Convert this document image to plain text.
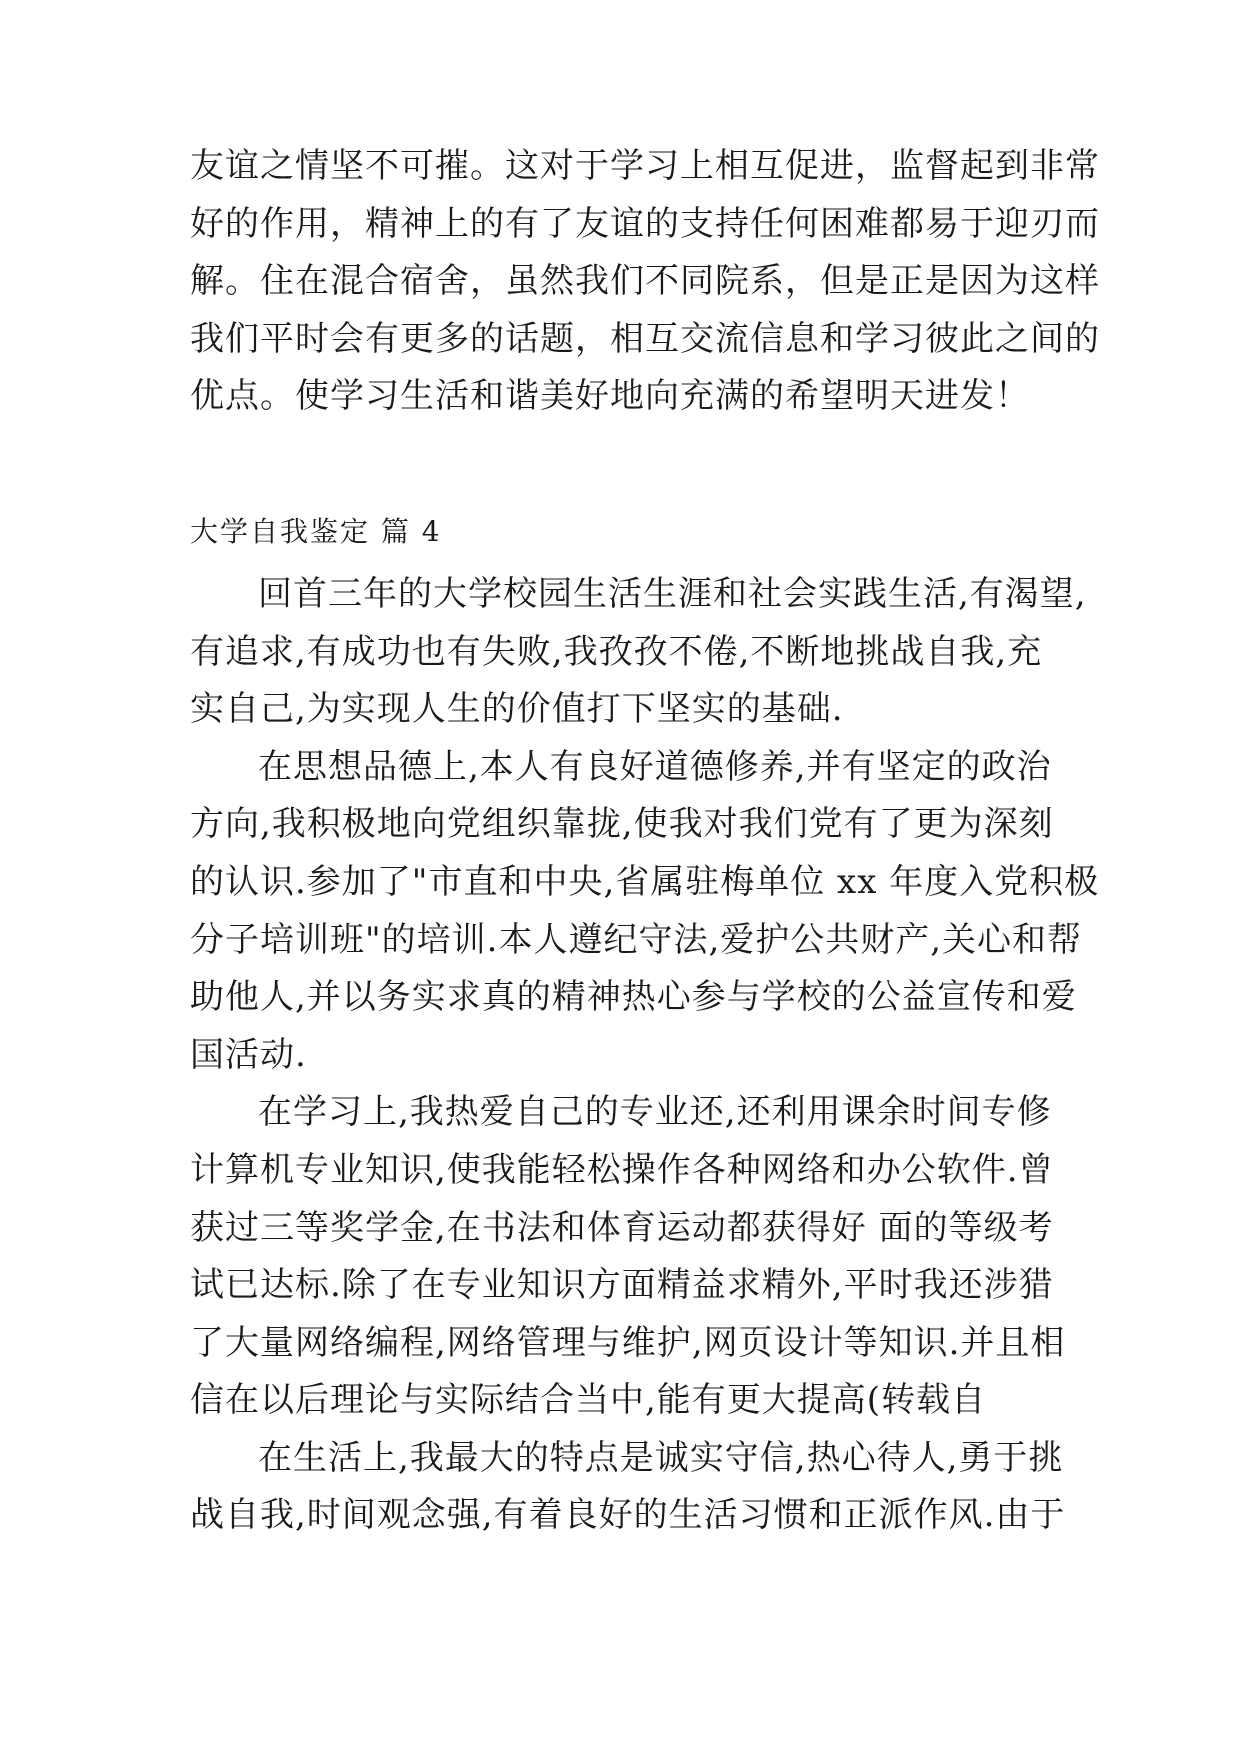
友谊之情坚不可摧。这对于学习上相互促进，监督起到非常
好的作用，精神上的有了友谊的支持任何困难都易于迎刃而
解。住在混合宿舍，虽然我们不同院系，但是正是因为这样
我们平时会有更多的话题，相互交流信息和学习彼此之间的
优点。使学习生活和谐美好地向充满的希望明天进发！
大学自我鉴定 篇 4
回首三年的大学校园生活生涯和社会实践生活,有渴望,
有追求,有成功也有失败,我孜孜不倦,不断地挑战自我,充
实自己,为实现人生的价值打下坚实的基础.
在思想品德上,本人有良好道德修养,并有坚定的政治
方向,我积极地向党组织靠拢,使我对我们党有了更为深刻
的认识.参加了"市直和中央,省属驻梅单位 xx 年度入党积极
分子培训班"的培训.本人遵纪守法,爱护公共财产,关心和帮
助他人,并以务实求真的精神热心参与学校的公益宣传和爱
国活动.
在学习上,我热爱自己的专业还,还利用课余时间专修
计算机专业知识,使我能轻松操作各种网络和办公软件.曾
获过三等奖学金,在书法和体育运动都获得好 面的等级考
试已达标.除了在专业知识方面精益求精外,平时我还涉猎
了大量网络编程,网络管理与维护,网页设计等知识.并且相
信在以后理论与实际结合当中,能有更大提高(转载自
在生活上,我最大的特点是诚实守信,热心待人,勇于挑
战自我,时间观念强,有着良好的生活习惯和正派作风.由于
